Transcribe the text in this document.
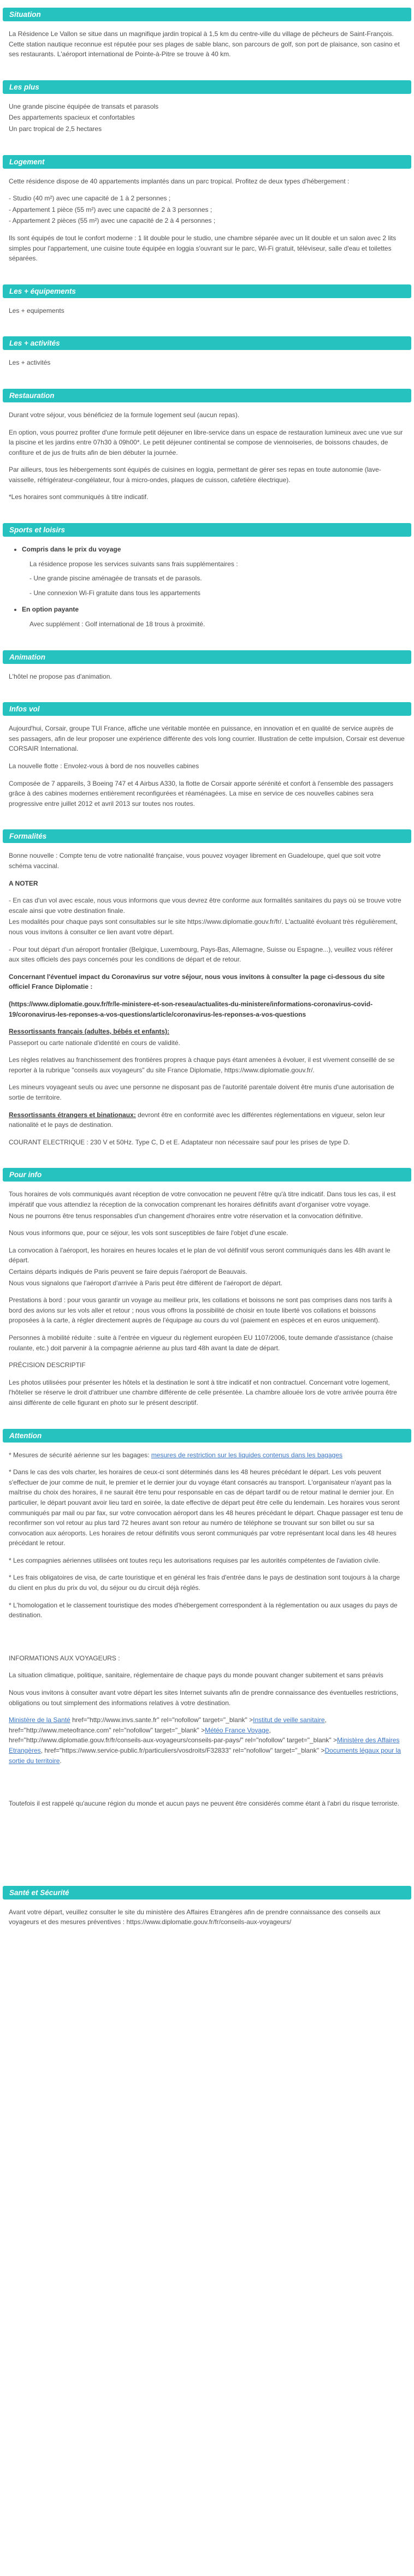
Situation

La Résidence Le Vallon se situe dans un magnifique jardin tropical à 1,5 km du centre-ville du village de pêcheurs de Saint-François. Cette station nautique reconnue est réputée pour ses plages de sable blanc, son parcours de golf, son port de plaisance, son casino et ses restaurants. L'aéroport international de Pointe-à-Pitre se trouve à 40 km.

Les plus

Une grande piscine équipée de transats et parasols

Des appartements spacieux et confortables

Un parc tropical de 2,5 hectares

Logement

Cette résidence dispose de 40 appartements implantés dans un parc tropical. Profitez de deux types d'hébergement :

- Studio (40 m²) avec une capacité de 1 à 2 personnes ;

- Appartement 1 pièce (55 m²) avec une capacité de 2 à 3 personnes ;

- Appartement 2 pièces (55 m²) avec une capacité de 2 à 4 personnes ;

Ils sont équipés de tout le confort moderne : 1 lit double pour le studio, une chambre séparée avec un lit double et un salon avec 2 lits simples pour l'appartement, une cuisine toute équipée en loggia s'ouvrant sur le parc, Wi-Fi gratuit, téléviseur, salle d'eau et toilettes séparées.

Les + équipements

Les + equipements

Les + activités

Les + activités

Restauration

Durant votre séjour, vous bénéficiez de la formule logement seul (aucun repas).

En option, vous pourrez profiter d'une formule petit déjeuner en libre-service dans un espace de restauration lumineux avec une vue sur la piscine et les jardins entre 07h30 à 09h00*. Le petit déjeuner continental se compose de viennoiseries, de boissons chaudes, de confiture et de jus de fruits afin de bien débuter la journée.

Par ailleurs, tous les hébergements sont équipés de cuisines en loggia, permettant de gérer ses repas en toute autonomie (lave-vaisselle, réfrigérateur-congélateur, four à micro-ondes, plaques de cuisson, cafetière électrique).

*Les horaires sont communiqués à titre indicatif.

Sports et loisirs
• Compris dans le prix du voyage

La résidence propose les services suivants sans frais supplémentaires :

- Une grande piscine aménagée de transats et de parasols.

- Une connexion Wi-Fi gratuite dans tous les appartements

• En option payante

Avec supplément : Golf international de 18 trous à proximité.

Animation

L'hôtel ne propose pas d'animation.

Infos vol

Aujourd'hui, Corsair, groupe TUI France, affiche une véritable montée en puissance, en innovation et en qualité de service auprès de ses passagers, afin de leur proposer une expérience différente des vols long courrier. Illustration de cette impulsion, Corsair est devenue CORSAIR International.

La nouvelle flotte : Envolez-vous à bord de nos nouvelles cabines

Composée de 7 appareils, 3 Boeing 747 et 4 Airbus A330, la flotte de Corsair apporte sérénité et confort à l'ensemble des passagers grâce à des cabines modernes entièrement reconfigurées et réaménagées. La mise en service de ces nouvelles cabines sera progressive entre juillet 2012 et avril 2013 sur toutes nos routes.

Formalités

Bonne nouvelle : Compte tenu de votre nationalité française, vous pouvez voyager librement en Guadeloupe, quel que soit votre schéma vaccinal.

A NOTER

- En cas d'un vol avec escale, nous vous informons que vous devrez être conforme aux formalités sanitaires du pays où se trouve votre escale ainsi que votre destination finale.

Les modalités pour chaque pays sont consultables sur le site https://www.diplomatie.gouv.fr/fr/. L'actualité évoluant très régulièrement, nous vous invitons à consulter ce lien avant votre départ.

- Pour tout départ d'un aéroport frontalier (Belgique, Luxembourg, Pays-Bas, Allemagne, Suisse ou Espagne...), veuillez vous référer aux sites officiels des pays concernés pour les conditions de départ et de retour.

Concernant l'éventuel impact du Coronavirus sur votre séjour, nous vous invitons à consulter la page ci-dessous du site officiel France Diplomatie :

(https://www.diplomatie.gouv.fr/fr/le-ministere-et-son-reseau/actualites-du-ministere/informations-coronavirus-covid-19/coronavirus-les-reponses-a-vos-questions/article/coronavirus-les-reponses-a-vos-questions

Ressortissants français (adultes, bébés et enfants):

Passeport ou carte nationale d'identité en cours de validité.

Les règles relatives au franchissement des frontières propres à chaque pays étant amenées à évoluer, il est vivement conseillé de se reporter à la rubrique "conseils aux voyageurs" du site France Diplomatie, https://www.diplomatie.gouv.fr/.

Les mineurs voyageant seuls ou avec une personne ne disposant pas de l'autorité parentale doivent être munis d'une autorisation de sortie de territoire.

Ressortissants étrangers et binationaux: devront être en conformité avec les différentes réglementations en vigueur, selon leur nationalité et le pays de destination.

COURANT ELECTRIQUE : 230 V et 50Hz. Type C, D et E. Adaptateur non nécessaire sauf pour les prises de type D.

Pour info

Tous horaires de vols communiqués avant réception de votre convocation ne peuvent l'être qu'à titre indicatif. Dans tous les cas, il est impératif que vous attendiez la réception de la convocation comprenant les horaires définitifs avant d'organiser votre voyage.

Nous ne pourrons être tenus responsables d'un changement d'horaires entre votre réservation et la convocation définitive.

Nous vous informons que, pour ce séjour, les vols sont susceptibles de faire l'objet d'une escale.

La convocation à l'aéroport, les horaires en heures locales et le plan de vol définitif vous seront communiqués dans les 48h avant le départ.

Certains départs indiqués de Paris peuvent se faire depuis l'aéroport de Beauvais.

Nous vous signalons que l'aéroport d'arrivée à Paris peut être différent de l'aéroport de départ.

Prestations à bord : pour vous garantir un voyage au meilleur prix, les collations et boissons ne sont pas comprises dans nos tarifs à bord des avions sur les vols aller et retour ; nous vous offrons la possibilité de choisir en toute liberté vos collations et boissons proposées à la carte, à régler directement auprès de l'équipage au cours du vol (paiement en espèces et en euros uniquement).

Personnes à mobilité réduite : suite à l'entrée en vigueur du règlement européen EU 1107/2006, toute demande d'assistance (chaise roulante, etc.) doit parvenir à la compagnie aérienne au plus tard 48h avant la date de départ.

PRÉCISION DESCRIPTIF

Les photos utilisées pour présenter les hôtels et la destination le sont à titre indicatif et non contractuel. Concernant votre logement, l'hôtelier se réserve le droit d'attribuer une chambre différente de celle présentée. La chambre allouée lors de votre arrivée pourra être ainsi différente de celle figurant en photo sur le présent descriptif.

Attention

* Mesures de sécurité aérienne sur les bagages: mesures de restriction sur les liquides contenus dans les bagages

* Dans le cas des vols charter, les horaires de ceux-ci sont déterminés dans les 48 heures précédant le départ. Les vols peuvent s'effectuer de jour comme de nuit, le premier et le dernier jour du voyage étant consacrés au transport. L'organisateur n'ayant pas la maîtrise du choix des horaires, il ne saurait être tenu pour responsable en cas de départ tardif ou de retour matinal le dernier jour. En particulier, le départ pouvant avoir lieu tard en soirée, la date effective de départ peut être celle du lendemain. Les horaires vous seront communiqués par mail ou par fax, sur votre convocation aéroport dans les 48 heures précédant le départ. Chaque passager est tenu de reconfirmer son vol retour au plus tard 72 heures avant son retour au numéro de téléphone se trouvant sur son billet ou sur sa convocation aux aéroports. Les horaires de retour définitifs vous seront communiqués par votre représentant local dans les 48 heures précédant le retour.

* Les compagnies aériennes utilisées ont toutes reçu les autorisations requises par les autorités compétentes de l'aviation civile.

* Les frais obligatoires de visa, de carte touristique et en général les frais d'entrée dans le pays de destination sont toujours à la charge du client en plus du prix du vol, du séjour ou du circuit déjà réglés.

* L'homologation et le classement touristique des modes d'hébergement correspondent à la réglementation ou aux usages du pays de destination.

INFORMATIONS AUX VOYAGEURS :

La situation climatique, politique, sanitaire, réglementaire de chaque pays du monde pouvant changer subitement et sans préavis

Nous vous invitons à consulter avant votre départ les sites Internet suivants afin de prendre connaissance des éventuelles restrictions, obligations ou tout simplement des informations relatives à votre destination.

Ministère de la Santé href="http://www.invs.sante.fr" rel="nofollow" target="_blank" >Institut de veille sanitaire, href="http://www.meteofrance.com" rel="nofollow" target="_blank" >Météo France Voyage, href="http://www.diplomatie.gouv.fr/fr/conseils-aux-voyageurs/conseils-par-pays/" rel="nofollow" target="_blank" >Ministère des Affaires Etrangères, href="https://www.service-public.fr/particuliers/vosdroits/F32833" rel="nofollow" target="_blank" >Documents légaux pour la sortie du territoire.

Toutefois il est rappelé qu'aucune région du monde et aucun pays ne peuvent être considérés comme étant à l'abri du risque terroriste.

Santé et Sécurité

Avant votre départ, veuillez consulter le site du ministère des Affaires Etrangères afin de prendre connaissance des conseils aux voyageurs et des mesures préventives : https://www.diplomatie.gouv.fr/fr/conseils-aux-voyageurs/
